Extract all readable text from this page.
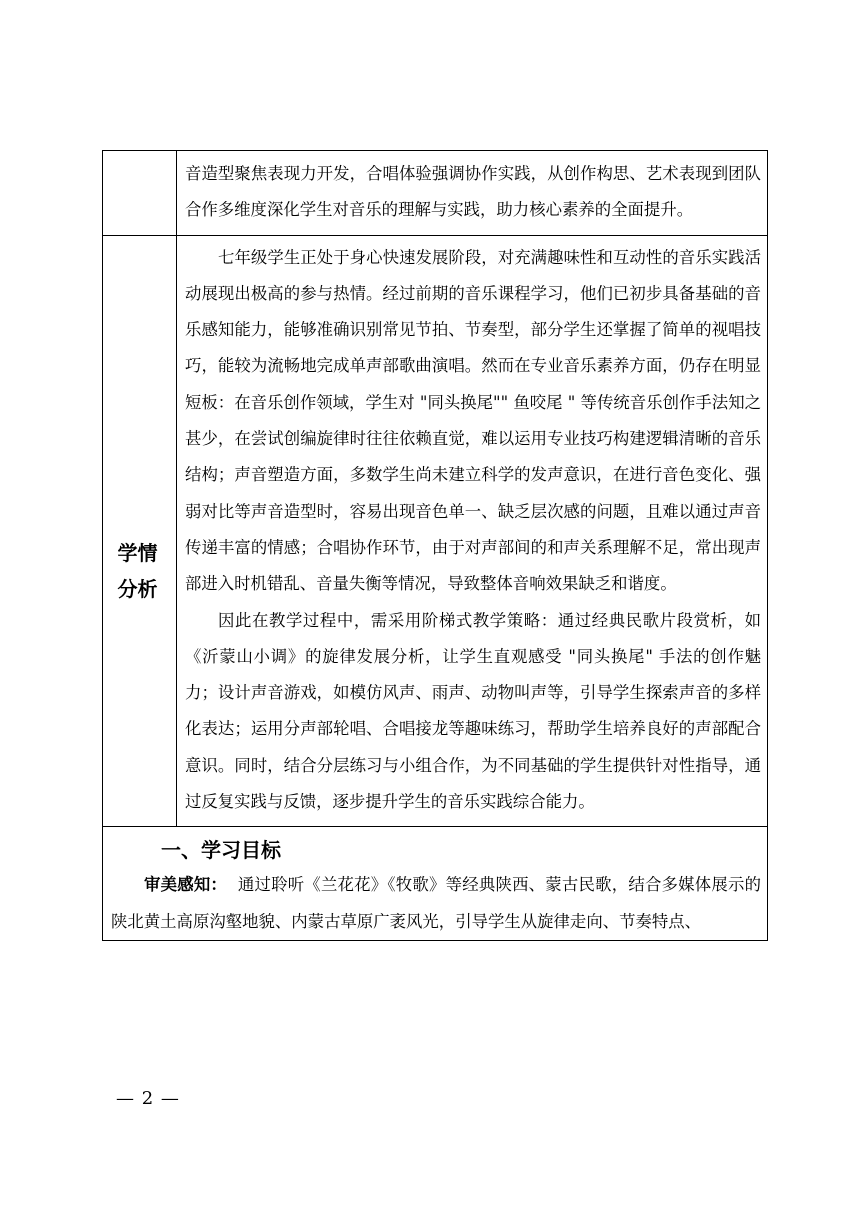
	音造型聚焦表现力开发，合唱体验强调协作实践，从创作构思、艺术表现到团队合作多维度深化学生对音乐的理解与实践，助力核心素养的全面提升。

学情分析	七年级学生正处于身心快速发展阶段，对充满趣味性和互动性的音乐实践活动展现出极高的参与热情。经过前期的音乐课程学习，他们已初步具备基础的音乐感知能力，能够准确识别常见节拍、节奏型，部分学生还掌握了简单的视唱技巧，能较为流畅地完成单声部歌曲演唱。然而在专业音乐素养方面，仍存在明显短板：在音乐创作领域，学生对 "同头换尾"" 鱼咬尾 " 等传统音乐创作手法知之甚少，在尝试创编旋律时往往依赖直觉，难以运用专业技巧构建逻辑清晰的音乐结构；声音塑造方面，多数学生尚未建立科学的发声意识，在进行音色变化、强弱对比等声音造型时，容易出现音色单一、缺乏层次感的问题，且难以通过声音传递丰富的情感；合唱协作环节，由于对声部间的和声关系理解不足，常出现声部进入时机错乱、音量失衡等情况，导致整体音响效果缺乏和谐度。

因此在教学过程中，需采用阶梯式教学策略：通过经典民歌片段赏析，如《沂蒙山小调》的旋律发展分析，让学生直观感受 "同头换尾" 手法的创作魅力；设计声音游戏，如模仿风声、雨声、动物叫声等，引导学生探索声音的多样化表达；运用分声部轮唱、合唱接龙等趣味练习，帮助学生培养良好的声部配合意识。同时，结合分层练习与小组合作，为不同基础的学生提供针对性指导，通过反复实践与反馈，逐步提升学生的音乐实践综合能力。

一、学习目标

审美感知： 通过聆听《兰花花》《牧歌》等经典陕西、蒙古民歌，结合多媒体展示的陕北黄土高原沟壑地貌、内蒙古草原广袤风光，引导学生从旋律走向、节奏特点、	

— 2 —
